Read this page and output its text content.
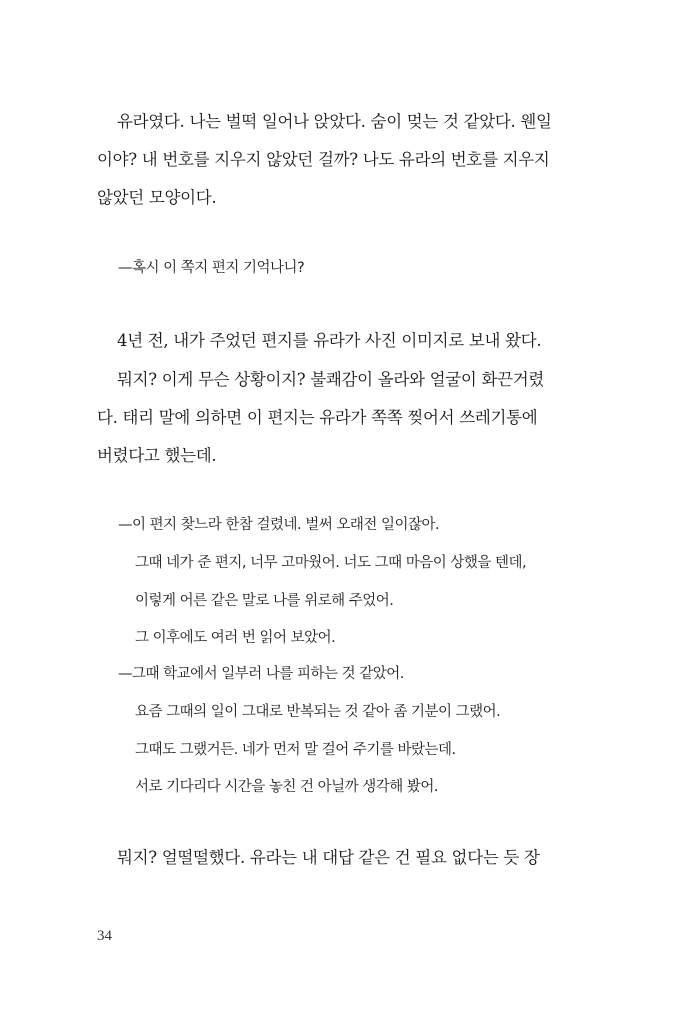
유라였다. 나는 벌떡 일어나 앉았다. 숨이 멎는 것 같았다. 웬일
이야? 내 번호를 지우지 않았던 걸까? 나도 유라의 번호를 지우지
않았던 모양이다.
—혹시 이 쪽지 편지 기억나니?
4년 전, 내가 주었던 편지를 유라가 사진 이미지로 보내 왔다.
뭐지? 이게 무슨 상황이지? 불쾌감이 올라와 얼굴이 화끈거렸
다. 태리 말에 의하면 이 편지는 유라가 쪽쪽 찢어서 쓰레기통에
버렸다고 했는데.
—이 편지 찾느라 한참 걸렸네. 벌써 오래전 일이잖아.
그때 네가 준 편지, 너무 고마웠어. 너도 그때 마음이 상했을 텐데,
이렇게 어른 같은 말로 나를 위로해 주었어.
그 이후에도 여러 번 읽어 보았어.
—그때 학교에서 일부러 나를 피하는 것 같았어.
요즘 그때의 일이 그대로 반복되는 것 같아 좀 기분이 그랬어.
그때도 그랬거든. 네가 먼저 말 걸어 주기를 바랐는데.
서로 기다리다 시간을 놓친 건 아닐까 생각해 봤어.
뭐지? 얼떨떨했다. 유라는 내 대답 같은 건 필요 없다는 듯 장
34
